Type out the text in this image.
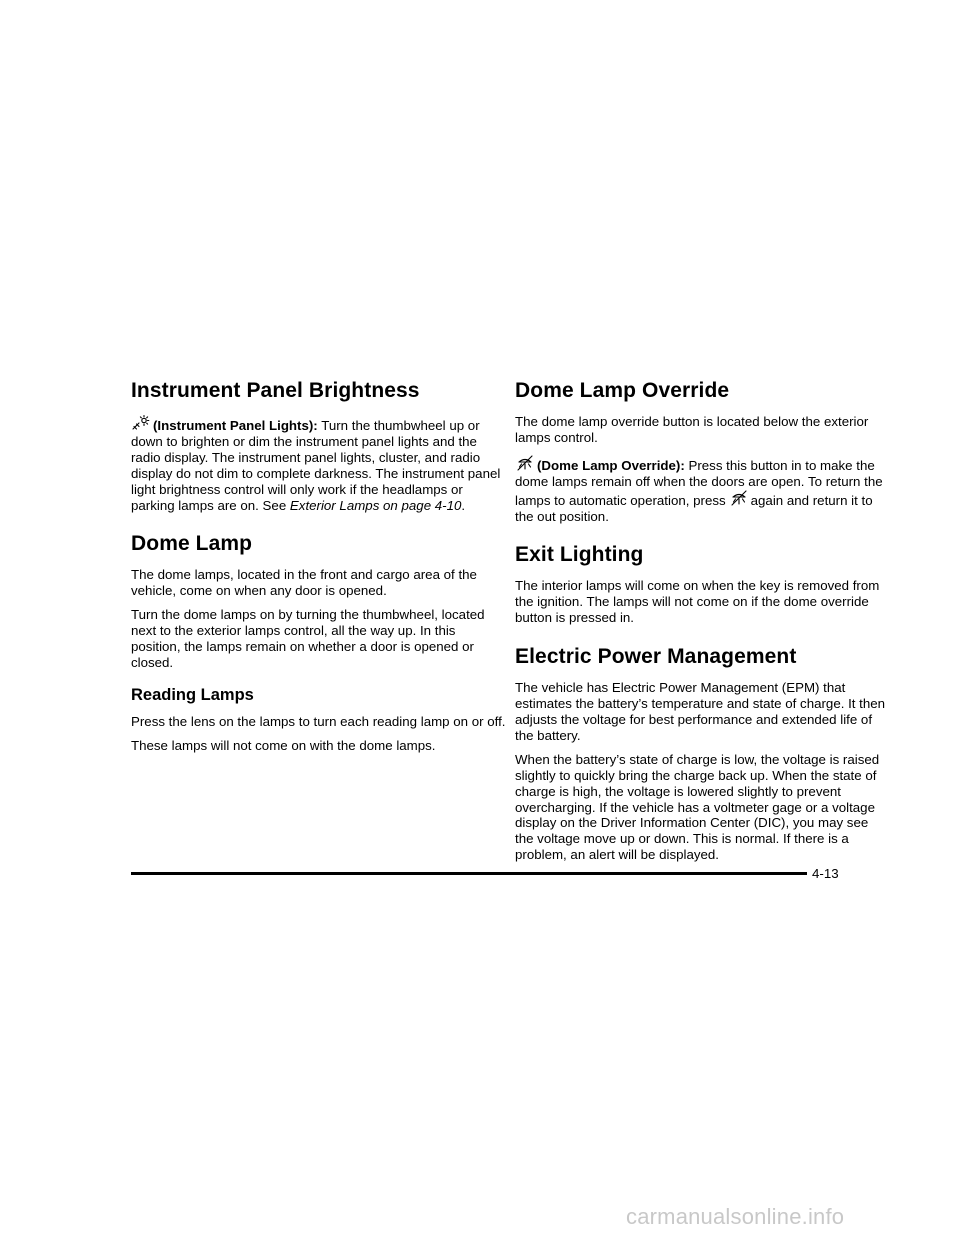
Instrument Panel Brightness

(Instrument Panel Lights): Turn the thumbwheel up or down to brighten or dim the instrument panel lights and the radio display. The instrument panel lights, cluster, and radio display do not dim to complete darkness. The instrument panel light brightness control will only work if the headlamps or parking lamps are on. See Exterior Lamps on page 4-10.

Dome Lamp

The dome lamps, located in the front and cargo area of the vehicle, come on when any door is opened.

Turn the dome lamps on by turning the thumbwheel, located next to the exterior lamps control, all the way up. In this position, the lamps remain on whether a door is opened or closed.

Reading Lamps

Press the lens on the lamps to turn each reading lamp on or off.

These lamps will not come on with the dome lamps.

Dome Lamp Override

The dome lamp override button is located below the exterior lamps control.

(Dome Lamp Override): Press this button in to make the dome lamps remain off when the doors are open. To return the lamps to automatic operation, press again and return it to the out position.

Exit Lighting

The interior lamps will come on when the key is removed from the ignition. The lamps will not come on if the dome override button is pressed in.

Electric Power Management

The vehicle has Electric Power Management (EPM) that estimates the battery’s temperature and state of charge. It then adjusts the voltage for best performance and extended life of the battery.

When the battery’s state of charge is low, the voltage is raised slightly to quickly bring the charge back up. When the state of charge is high, the voltage is lowered slightly to prevent overcharging. If the vehicle has a voltmeter gage or a voltage display on the Driver Information Center (DIC), you may see the voltage move up or down. This is normal. If there is a problem, an alert will be displayed.

4-13
carmanualsonline.info
